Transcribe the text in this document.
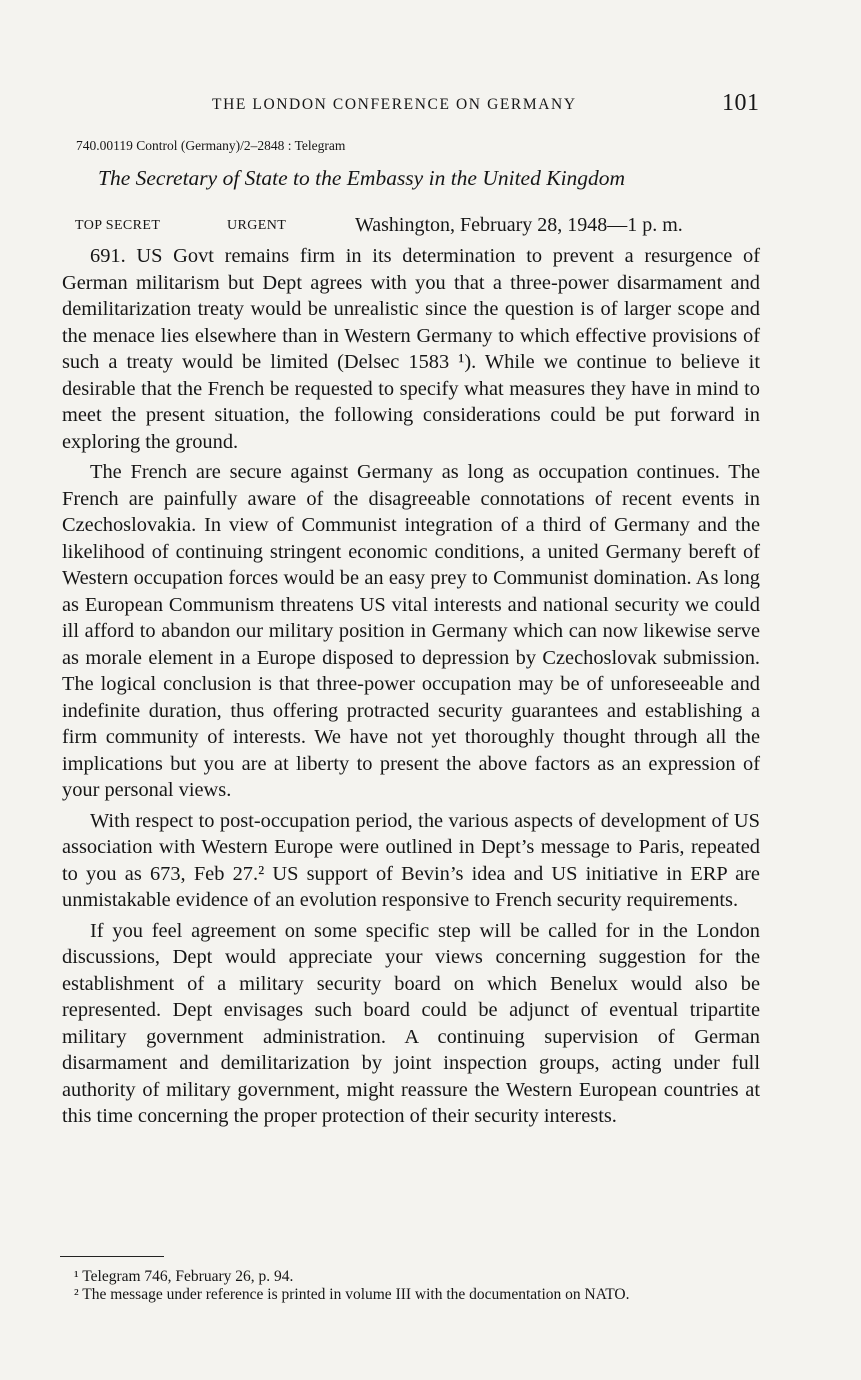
THE LONDON CONFERENCE ON GERMANY	101
740.00119 Control (Germany)/2–2848 : Telegram
The Secretary of State to the Embassy in the United Kingdom
TOP SECRET	URGENT	Washington, February 28, 1948—1 p. m.

691. US Govt remains firm in its determination to prevent a resurgence of German militarism but Dept agrees with you that a three-power disarmament and demilitarization treaty would be unrealistic since the question is of larger scope and the menace lies elsewhere than in Western Germany to which effective provisions of such a treaty would be limited (Delsec 1583 ¹). While we continue to believe it desirable that the French be requested to specify what measures they have in mind to meet the present situation, the following considerations could be put forward in exploring the ground.

The French are secure against Germany as long as occupation continues. The French are painfully aware of the disagreeable connotations of recent events in Czechoslovakia. In view of Communist integration of a third of Germany and the likelihood of continuing stringent economic conditions, a united Germany bereft of Western occupation forces would be an easy prey to Communist domination. As long as European Communism threatens US vital interests and national security we could ill afford to abandon our military position in Germany which can now likewise serve as morale element in a Europe disposed to depression by Czechoslovak submission. The logical conclusion is that three-power occupation may be of unforeseeable and indefinite duration, thus offering protracted security guarantees and establishing a firm community of interests. We have not yet thoroughly thought through all the implications but you are at liberty to present the above factors as an expression of your personal views.

With respect to post-occupation period, the various aspects of development of US association with Western Europe were outlined in Dept’s message to Paris, repeated to you as 673, Feb 27.² US support of Bevin’s idea and US initiative in ERP are unmistakable evidence of an evolution responsive to French security requirements.

If you feel agreement on some specific step will be called for in the London discussions, Dept would appreciate your views concerning suggestion for the establishment of a military security board on which Benelux would also be represented. Dept envisages such board could be adjunct of eventual tripartite military government administration. A continuing supervision of German disarmament and demilitarization by joint inspection groups, acting under full authority of military government, might reassure the Western European countries at this time concerning the proper protection of their security interests.

¹ Telegram 746, February 26, p. 94.

² The message under reference is printed in volume III with the documentation on NATO.
